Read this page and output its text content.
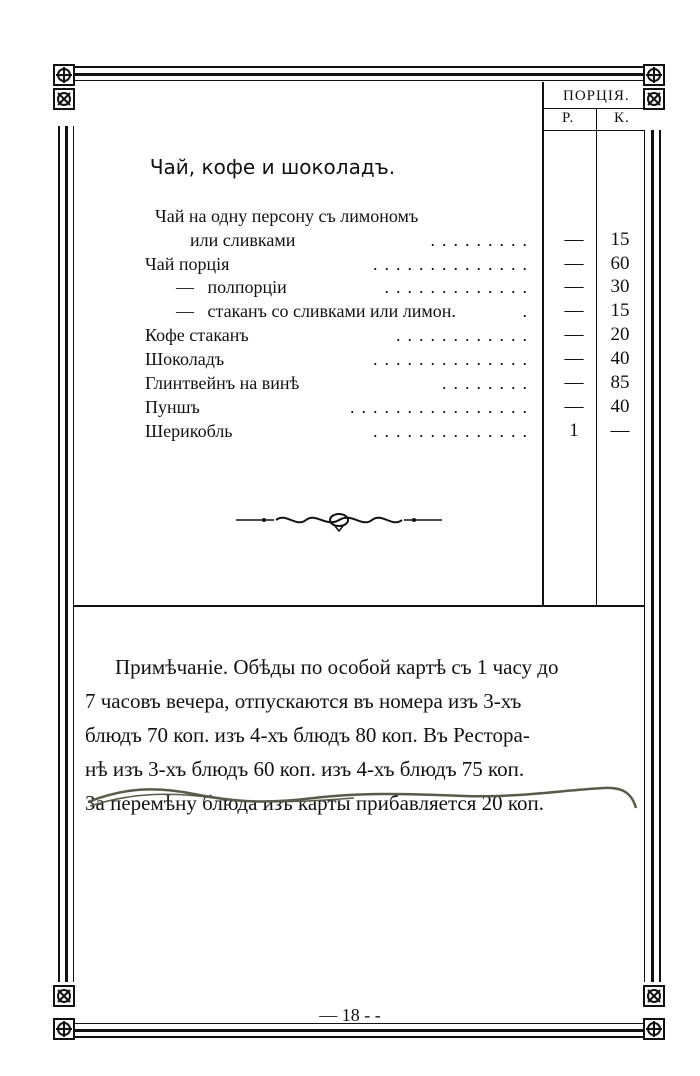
ПОРЦІЯ.
Р.	К.
Чай, кофе и шоколадъ.
Чай на одну персону съ лимономъ
или сливками	.........	—	15
Чай порція	..............	—	60
—   полпорціи	.............	—	30
—   стаканъ со сливками или лимон.	.	—	15
Кофе стаканъ	............	—	20
Шоколадъ	..............	—	40
Глинтвейнъ на винѣ	........	—	85
Пуншъ	................	—	40
Шерикобль	..............	1	—

Примѣчаніе. Обѣды по особой картѣ съ 1 часу до

7 часовъ вечера, отпускаются въ номера изъ 3-хъ

блюдъ 70 коп. изъ 4-хъ блюдъ 80 коп. Въ Рестора-

нѣ изъ 3-хъ блюдъ 60 коп. изъ 4-хъ блюдъ 75 коп.

За перемѣну блюда изъ карты прибавляется 20 коп.

— 18 - -
